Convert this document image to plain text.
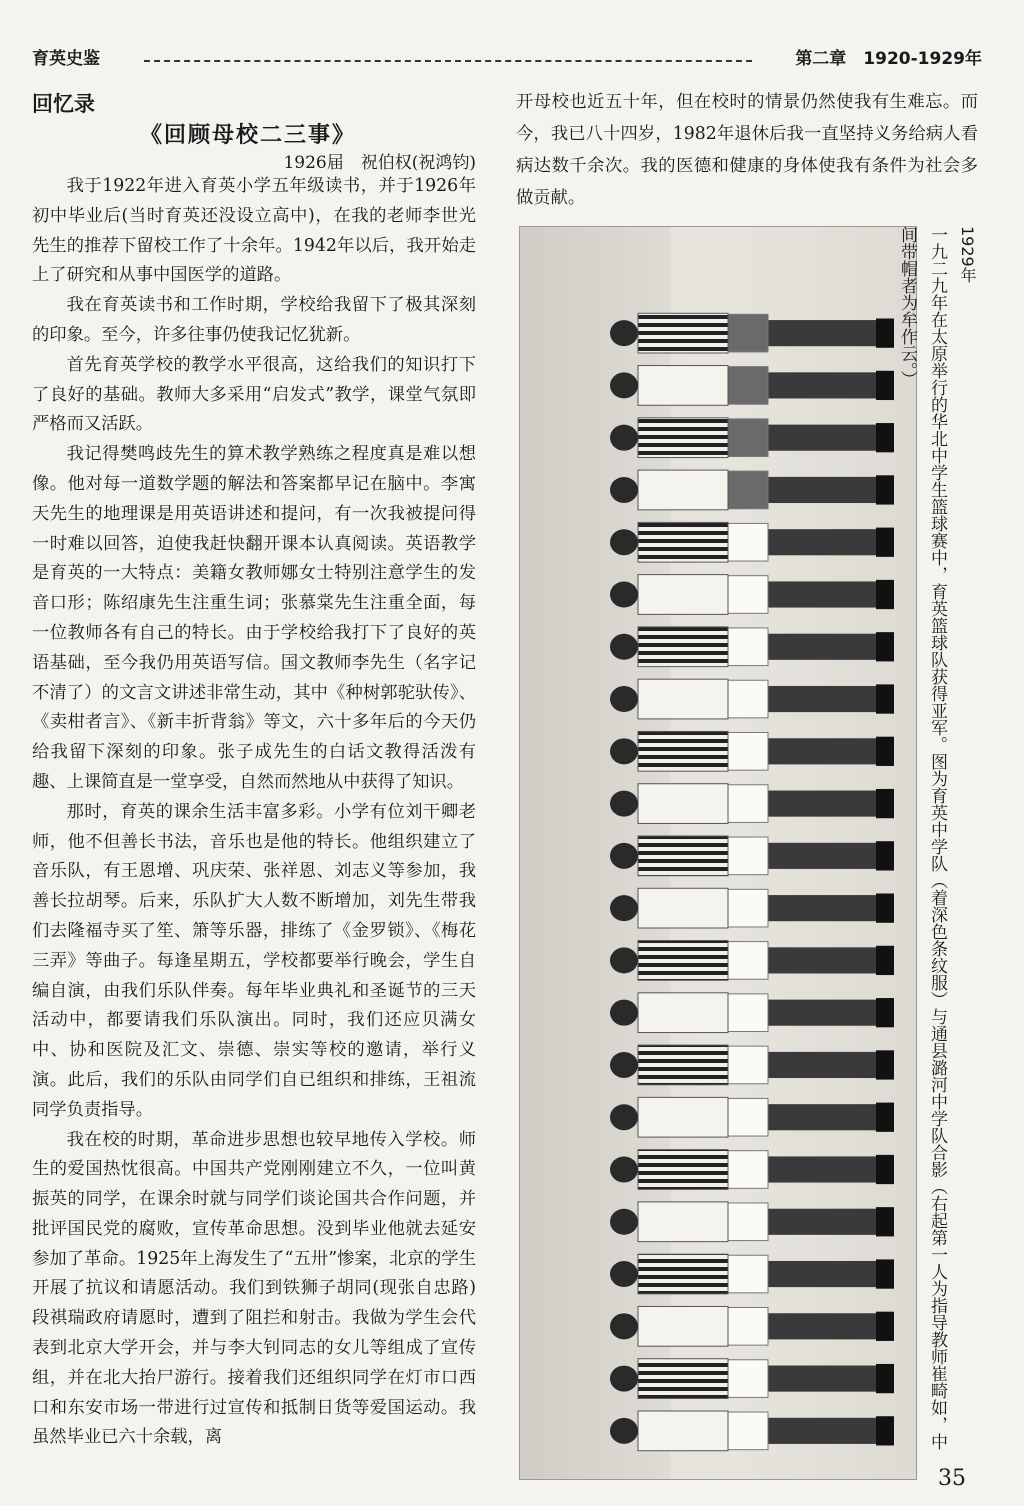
育英史鉴	第二章　1920-1929年
回忆录
《回顾母校二三事》
1926届　祝伯权(祝鸿钧)

我于1922年进入育英小学五年级读书，并于1926年初中毕业后(当时育英还没设立高中)，在我的老师李世光先生的推荐下留校工作了十余年。1942年以后，我开始走上了研究和从事中国医学的道路。

我在育英读书和工作时期，学校给我留下了极其深刻的印象。至今，许多往事仍使我记忆犹新。

首先育英学校的教学水平很高，这给我们的知识打下了良好的基础。教师大多采用“启发式”教学，课堂气氛即严格而又活跃。

我记得樊鸣歧先生的算术教学熟练之程度真是难以想像。他对每一道数学题的解法和答案都早记在脑中。李寓天先生的地理课是用英语讲述和提问，有一次我被提问得一时难以回答，迫使我赶快翻开课本认真阅读。英语教学是育英的一大特点：美籍女教师娜女士特别注意学生的发音口形；陈绍康先生注重生词；张慕棠先生注重全面，每一位教师各有自己的特长。由于学校给我打下了良好的英语基础，至今我仍用英语写信。国文教师李先生（名字记不清了）的文言文讲述非常生动，其中《种树郭驼驮传》、《卖柑者言》、《新丰折背翁》等文，六十多年后的今天仍给我留下深刻的印象。张子成先生的白话文教得活泼有趣、上课简直是一堂享受，自然而然地从中获得了知识。

那时，育英的课余生活丰富多彩。小学有位刘干卿老师，他不但善长书法，音乐也是他的特长。他组织建立了音乐队，有王恩增、巩庆荣、张祥恩、刘志义等参加，我善长拉胡琴。后来，乐队扩大人数不断增加，刘先生带我们去隆福寺买了笙、箫等乐器，排练了《金罗锁》、《梅花三弄》等曲子。每逢星期五，学校都要举行晚会，学生自编自演，由我们乐队伴奏。每年毕业典礼和圣诞节的三天活动中，都要请我们乐队演出。同时，我们还应贝满女中、协和医院及汇文、崇德、崇实等校的邀请，举行义演。此后，我们的乐队由同学们自已组织和排练，王祖流同学负责指导。

我在校的时期，革命进步思想也较早地传入学校。师生的爱国热忱很高。中国共产党刚刚建立不久，一位叫黄振英的同学，在课余时就与同学们谈论国共合作问题，并批评国民党的腐败，宣传革命思想。没到毕业他就去延安参加了革命。1925年上海发生了“五卅”惨案，北京的学生开展了抗议和请愿活动。我们到铁狮子胡同(现张自忠路)段祺瑞政府请愿时，遭到了阻拦和射击。我做为学生会代表到北京大学开会，并与李大钊同志的女儿等组成了宣传组，并在北大抬尸游行。接着我们还组织同学在灯市口西口和东安市场一带进行过宣传和抵制日货等爱国运动。我虽然毕业已六十余载，离

开母校也近五十年，但在校时的情景仍然使我有生难忘。而今，我已八十四岁，1982年退休后我一直坚持义务给病人看病达数千余次。我的医德和健康的身体使我有条件为社会多做贡献。

1929年
一九二九年在太原举行的华北中学生篮球赛中，育英篮球队获得亚军。图为育英中学队（着深色条纹服）与通县潞河中学队合影（右起第一人为指导教师崔畸如，中间带帽者为牟作云。）
35
